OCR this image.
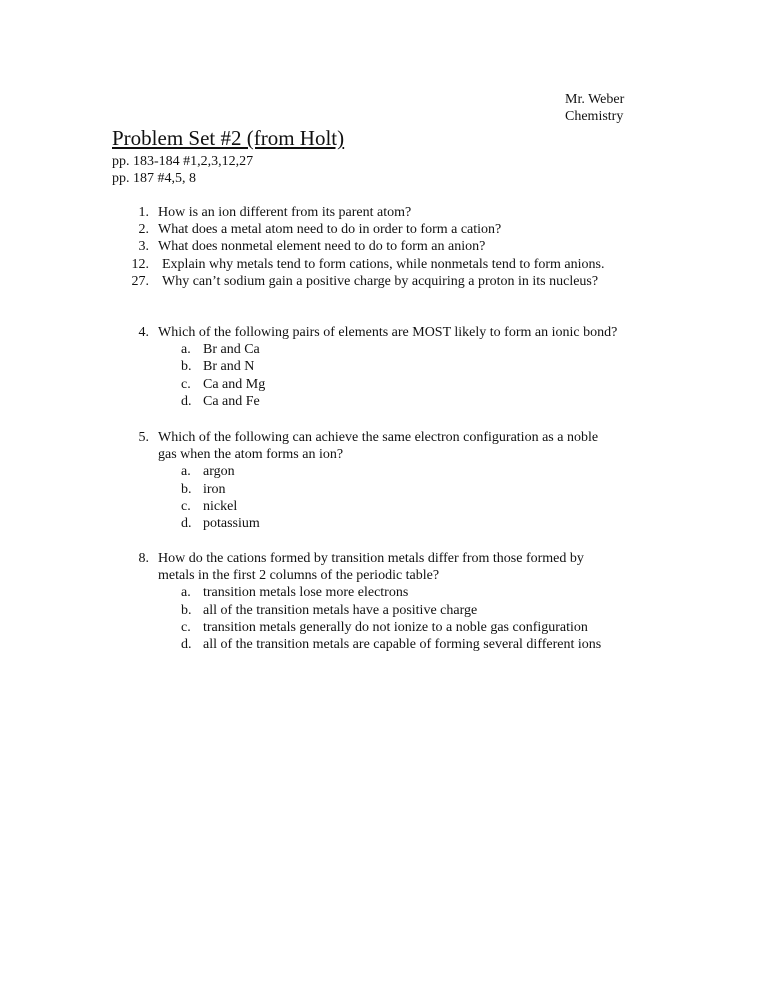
Mr. Weber
Chemistry
Problem Set #2 (from Holt)
pp. 183-184 #1,2,3,12,27
pp. 187 #4,5, 8
1. How is an ion different from its parent atom?
2. What does a metal atom need to do in order to form a cation?
3. What does nonmetal element need to do to form an anion?
12. Explain why metals tend to form cations, while nonmetals tend to form anions.
27. Why can’t sodium gain a positive charge by acquiring a proton in its nucleus?
4. Which of the following pairs of elements are MOST likely to form an ionic bond?
a. Br and Ca
b. Br and N
c. Ca and Mg
d. Ca and Fe
5. Which of the following can achieve the same electron configuration as a noble
gas when the atom forms an ion?
a. argon
b. iron
c. nickel
d. potassium
8. How do the cations formed by transition metals differ from those formed by
metals in the first 2 columns of the periodic table?
a. transition metals lose more electrons
b. all of the transition metals have a positive charge
c. transition metals generally do not ionize to a noble gas configuration
d. all of the transition metals are capable of forming several different ions
